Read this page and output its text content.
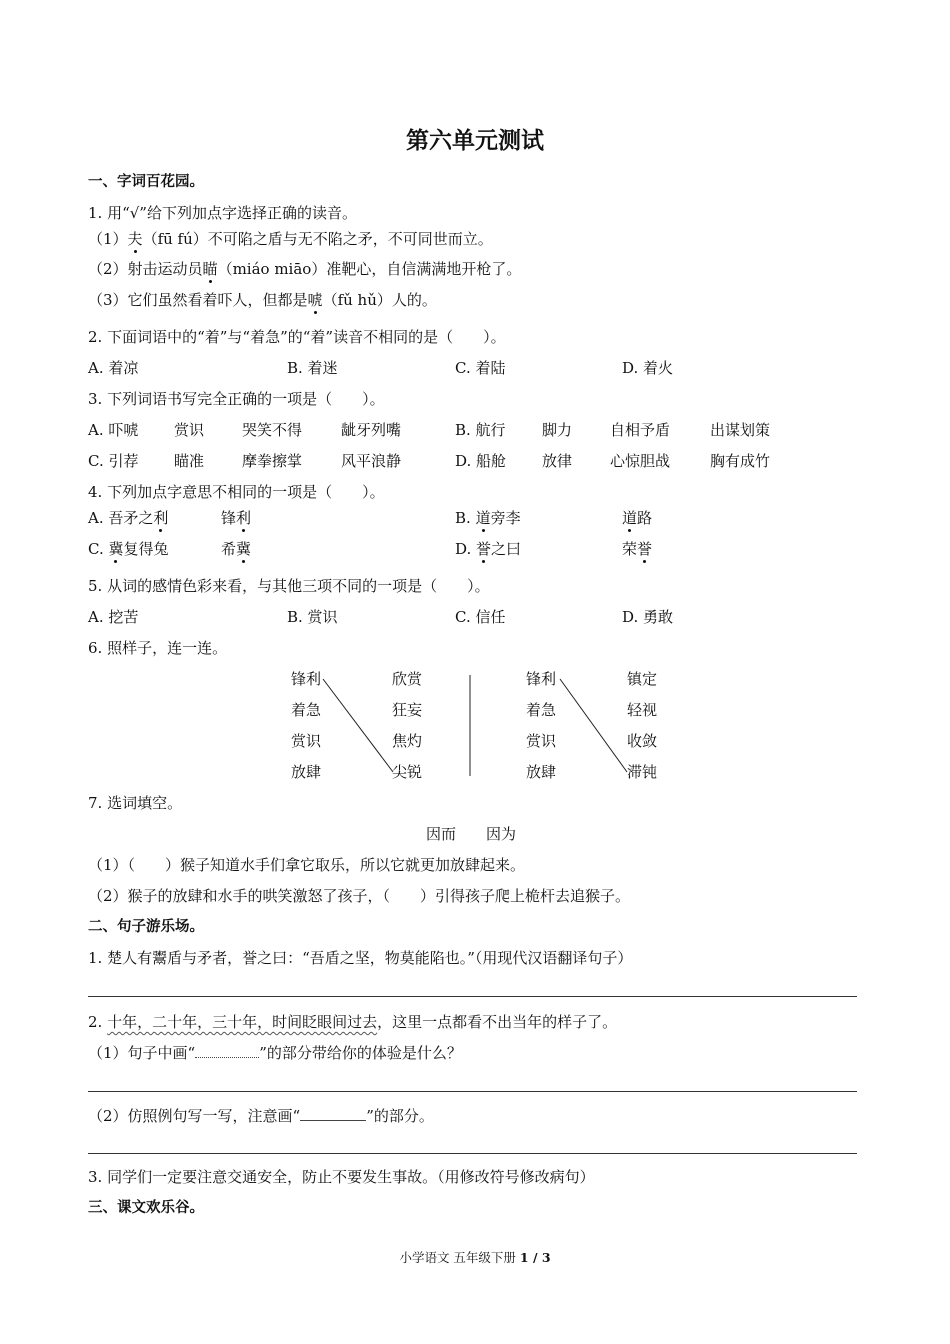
第六单元测试
一、字词百花园。
1. 用“√”给下列加点字选择正确的读音。
（1）夫（fū fú）不可陷之盾与无不陷之矛，不可同世而立。
（2）射击运动员瞄（miáo miāo）准靶心，自信满满地开枪了。
（3）它们虽然看着吓人，但都是唬（fǔ hǔ）人的。
2. 下面词语中的“着”与“着急”的“着”读音不相同的是（　　）。
A. 着凉	B. 着迷	C. 着陆	D. 着火
3. 下列词语书写完全正确的一项是（　　）。
A. 吓唬 赏识	哭笑不得	龇牙列嘴	B. 航行 脚力	自相予盾	出谋划策
C. 引荐 瞄准	摩拳擦掌	风平浪静	D. 船舱 放律	心惊胆战	胸有成竹
4. 下列加点字意思不相同的一项是（　　）。
A. 吾矛之利	锋利	B. 道旁李	道路
C. 冀复得兔	希冀	D. 誉之曰	荣誉
5. 从词的感情色彩来看，与其他三项不同的一项是（　　）。
A. 挖苦	B. 赏识	C. 信任	D. 勇敢
6. 照样子，连一连。
锋利
着急
赏识
放肆
欣赏
狂妄
焦灼
尖锐
锋利
着急
赏识
放肆
镇定
轻视
收敛
滞钝
7. 选词填空。
因而　　因为
（1）（　　）猴子知道水手们拿它取乐，所以它就更加放肆起来。
（2）猴子的放肆和水手的哄笑激怒了孩子，（　　）引得孩子爬上桅杆去追猴子。
二、句子游乐场。
1. 楚人有鬻盾与矛者，誉之曰：“吾盾之坚，物莫能陷也。”（用现代汉语翻译句子）
2. 十年，二十年，三十年，时间眨眼间过去，这里一点都看不出当年的样子了。
（1）句子中画“	”的部分带给你的体验是什么？
（2）仿照例句写一写，注意画“	”的部分。
3. 同学们一定要注意交通安全，防止不要发生事故。（用修改符号修改病句）
三、课文欢乐谷。
小学语文 五年级下册 1 / 3
